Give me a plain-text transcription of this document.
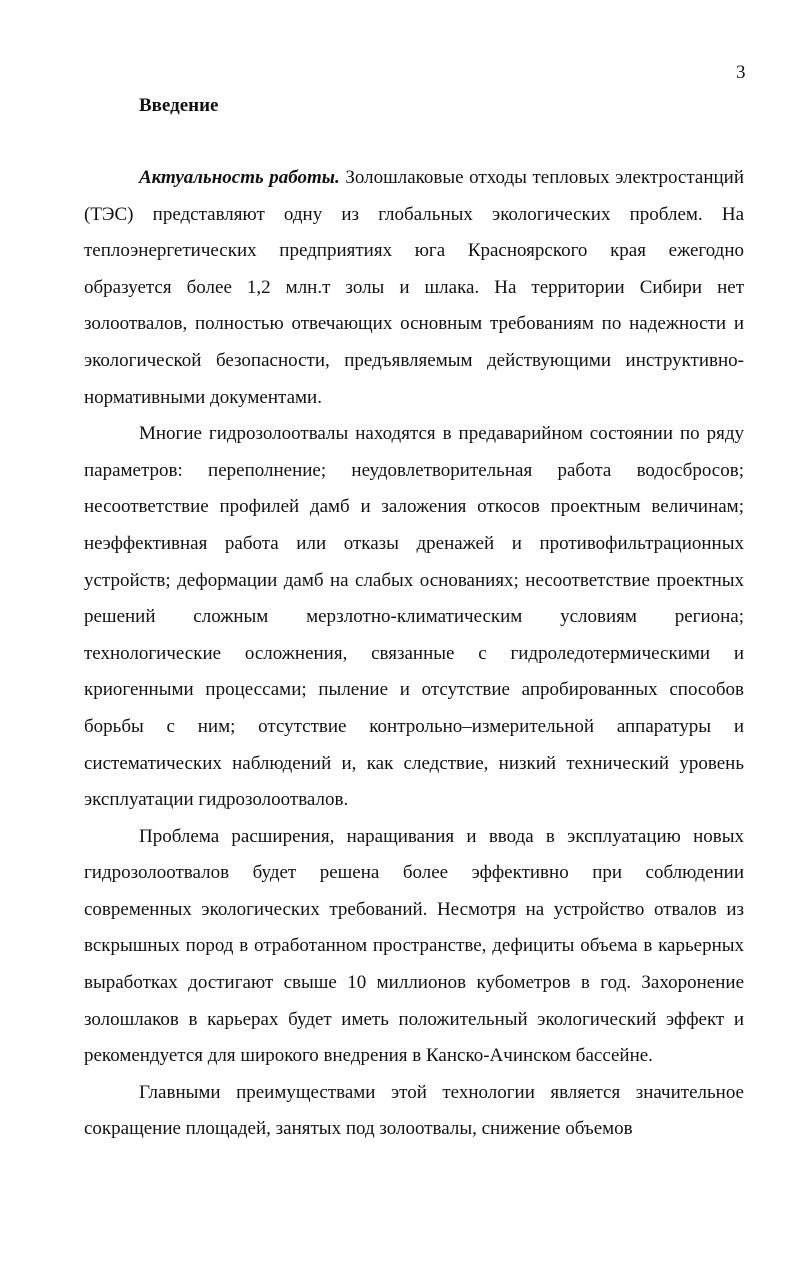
3
Введение

Актуальность работы. Золошлаковые отходы тепловых электростанций (ТЭС) представляют одну из глобальных экологических проблем. На теплоэнергетических предприятиях юга Красноярского края ежегодно образуется более 1,2 млн.т золы и шлака. На территории Сибири нет золоотвалов, полностью отвечающих основным требованиям по надежности и экологической безопасности, предъявляемым действующими инструктивно-нормативными документами.

Многие гидрозолоотвалы находятся в предаварийном состоянии по ряду параметров: переполнение; неудовлетворительная работа водосбросов; несоответствие профилей дамб и заложения откосов проектным величинам; неэффективная работа или отказы дренажей и противофильтрационных устройств; деформации дамб на слабых основаниях; несоответствие проектных решений сложным мерзлотно-климатическим условиям региона; технологические осложнения, связанные с гидроледотермическими и криогенными процессами; пыление и отсутствие апробированных способов борьбы с ним; отсутствие контрольно–измерительной аппаратуры и систематических наблюдений и, как следствие, низкий технический уровень эксплуатации гидрозолоотвалов.

Проблема расширения, наращивания и ввода в эксплуатацию новых гидрозолоотвалов будет решена более эффективно при соблюдении современных экологических требований. Несмотря на устройство отвалов из вскрышных пород в отработанном пространстве, дефициты объема в карьерных выработках достигают свыше 10 миллионов кубометров в год. Захоронение золошлаков в карьерах будет иметь положительный экологический эффект и рекомендуется для широкого внедрения в Канско-Ачинском бассейне.

Главными преимуществами этой технологии является значительное сокращение площадей, занятых под золоотвалы, снижение объемов
